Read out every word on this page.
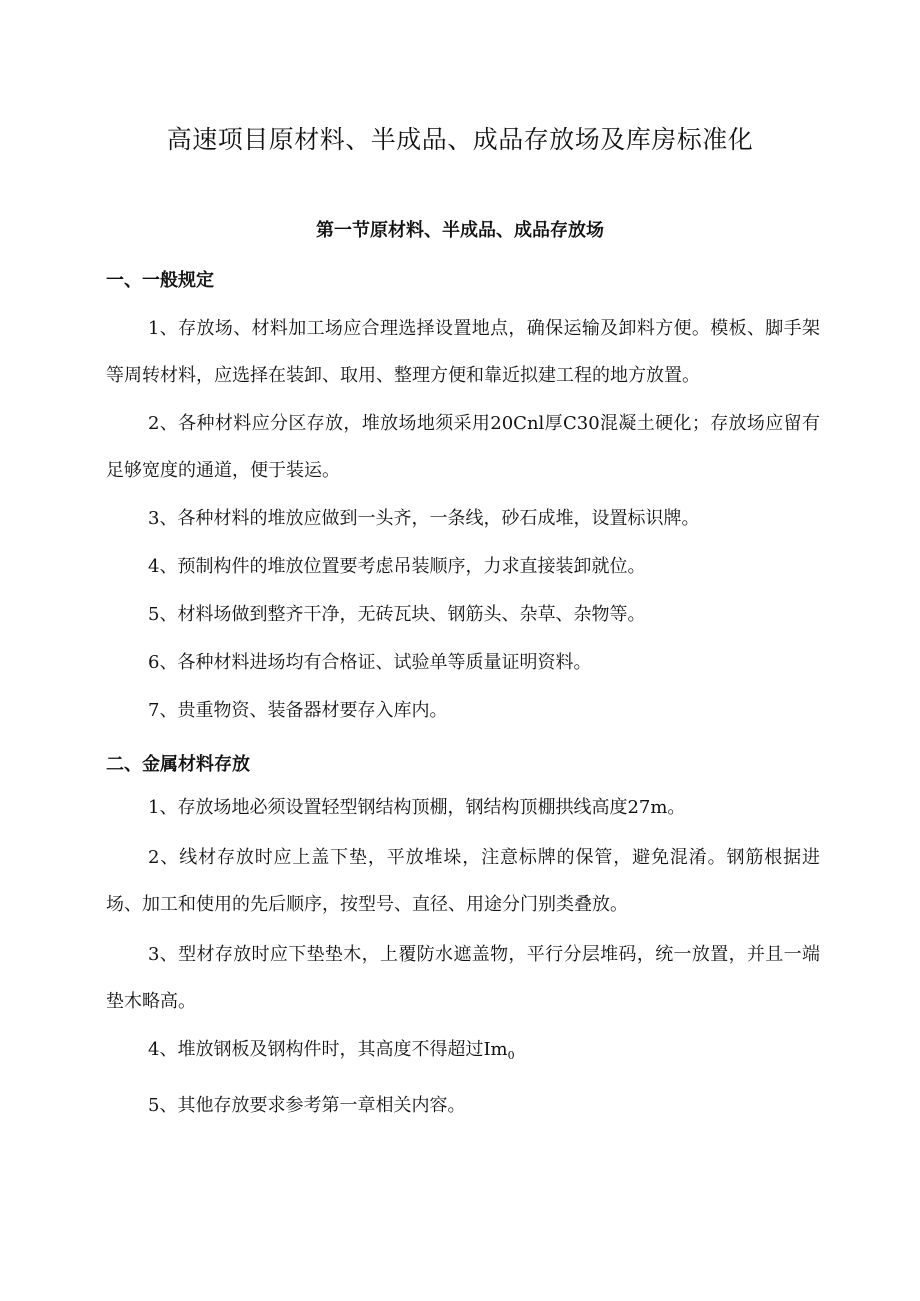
高速项目原材料、半成品、成品存放场及库房标准化
第一节原材料、半成品、成品存放场
一、一般规定

1、存放场、材料加工场应合理选择设置地点，确保运输及卸料方便。模板、脚手架等周转材料，应选择在装卸、取用、整理方便和靠近拟建工程的地方放置。

2、各种材料应分区存放，堆放场地须采用20Cnl厚C30混凝土硬化；存放场应留有足够宽度的通道，便于装运。

3、各种材料的堆放应做到一头齐，一条线，砂石成堆，设置标识牌。

4、预制构件的堆放位置要考虑吊装顺序，力求直接装卸就位。

5、材料场做到整齐干净，无砖瓦块、钢筋头、杂草、杂物等。

6、各种材料进场均有合格证、试验单等质量证明资料。

7、贵重物资、装备器材要存入库内。

二、金属材料存放

1、存放场地必须设置轻型钢结构顶棚，钢结构顶棚拱线高度27m。

2、线材存放时应上盖下垫，平放堆垛，注意标牌的保管，避免混淆。钢筋根据进场、加工和使用的先后顺序，按型号、直径、用途分门别类叠放。

3、型材存放时应下垫垫木，上覆防水遮盖物，平行分层堆码，统一放置，并且一端垫木略高。

4、堆放钢板及钢构件时，其高度不得超过$Im_0$

5、其他存放要求参考第一章相关内容。
